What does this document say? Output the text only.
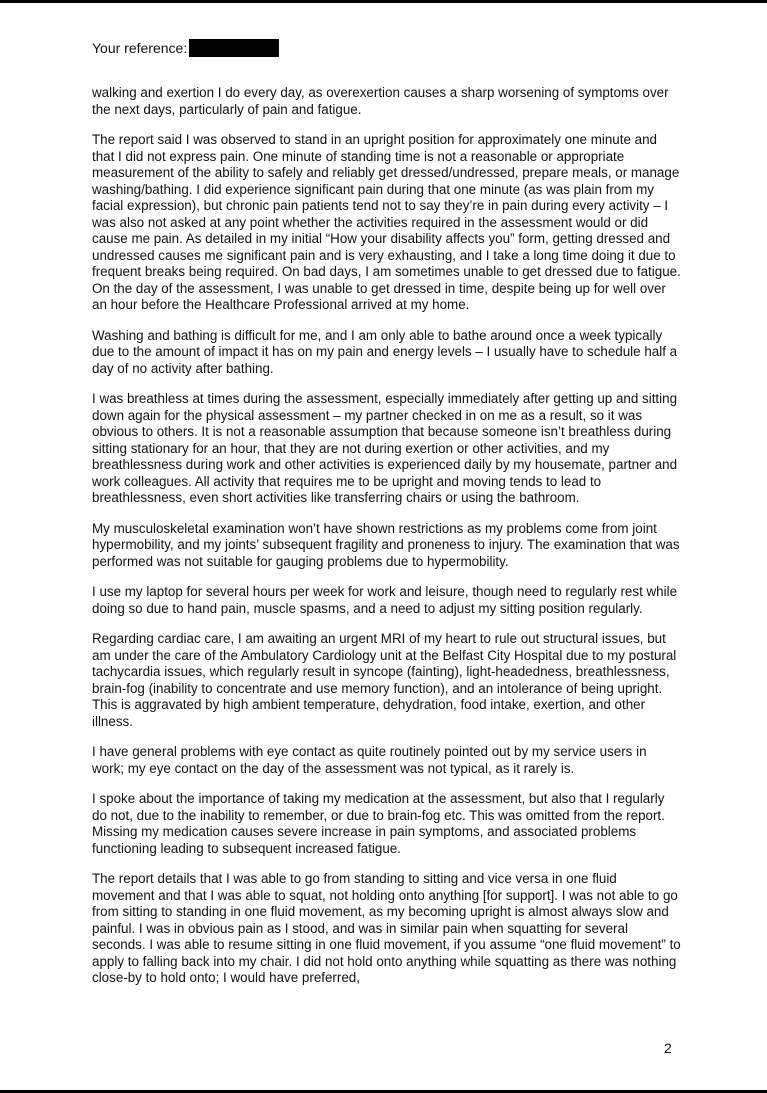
Your reference:

walking and exertion I do every day, as overexertion causes a sharp worsening of symptoms over the next days, particularly of pain and fatigue.

The report said I was observed to stand in an upright position for approximately one minute and that I did not express pain. One minute of standing time is not a reasonable or appropriate measurement of the ability to safely and reliably get dressed/undressed, prepare meals, or manage washing/bathing. I did experience significant pain during that one minute (as was plain from my facial expression), but chronic pain patients tend not to say they’re in pain during every activity – I was also not asked at any point whether the activities required in the assessment would or did cause me pain. As detailed in my initial “How your disability affects you” form, getting dressed and undressed causes me significant pain and is very exhausting, and I take a long time doing it due to frequent breaks being required. On bad days, I am sometimes unable to get dressed due to fatigue. On the day of the assessment, I was unable to get dressed in time, despite being up for well over an hour before the Healthcare Professional arrived at my home.

Washing and bathing is difficult for me, and I am only able to bathe around once a week typically due to the amount of impact it has on my pain and energy levels – I usually have to schedule half a day of no activity after bathing.

I was breathless at times during the assessment, especially immediately after getting up and sitting down again for the physical assessment – my partner checked in on me as a result, so it was obvious to others. It is not a reasonable assumption that because someone isn’t breathless during sitting stationary for an hour, that they are not during exertion or other activities, and my breathlessness during work and other activities is experienced daily by my housemate, partner and work colleagues. All activity that requires me to be upright and moving tends to lead to breathlessness, even short activities like transferring chairs or using the bathroom.

My musculoskeletal examination won’t have shown restrictions as my problems come from joint hypermobility, and my joints’ subsequent fragility and proneness to injury. The examination that was performed was not suitable for gauging problems due to hypermobility.

I use my laptop for several hours per week for work and leisure, though need to regularly rest while doing so due to hand pain, muscle spasms, and a need to adjust my sitting position regularly.

Regarding cardiac care, I am awaiting an urgent MRI of my heart to rule out structural issues, but am under the care of the Ambulatory Cardiology unit at the Belfast City Hospital due to my postural tachycardia issues, which regularly result in syncope (fainting), light-headedness, breathlessness, brain-fog (inability to concentrate and use memory function), and an intolerance of being upright. This is aggravated by high ambient temperature, dehydration, food intake, exertion, and other illness.

I have general problems with eye contact as quite routinely pointed out by my service users in work; my eye contact on the day of the assessment was not typical, as it rarely is.

I spoke about the importance of taking my medication at the assessment, but also that I regularly do not, due to the inability to remember, or due to brain-fog etc. This was omitted from the report. Missing my medication causes severe increase in pain symptoms, and associated problems functioning leading to subsequent increased fatigue.

The report details that I was able to go from standing to sitting and vice versa in one fluid movement and that I was able to squat, not holding onto anything [for support]. I was not able to go from sitting to standing in one fluid movement, as my becoming upright is almost always slow and painful. I was in obvious pain as I stood, and was in similar pain when squatting for several seconds. I was able to resume sitting in one fluid movement, if you assume “one fluid movement” to apply to falling back into my chair. I did not hold onto anything while squatting as there was nothing close-by to hold onto; I would have preferred,

2
